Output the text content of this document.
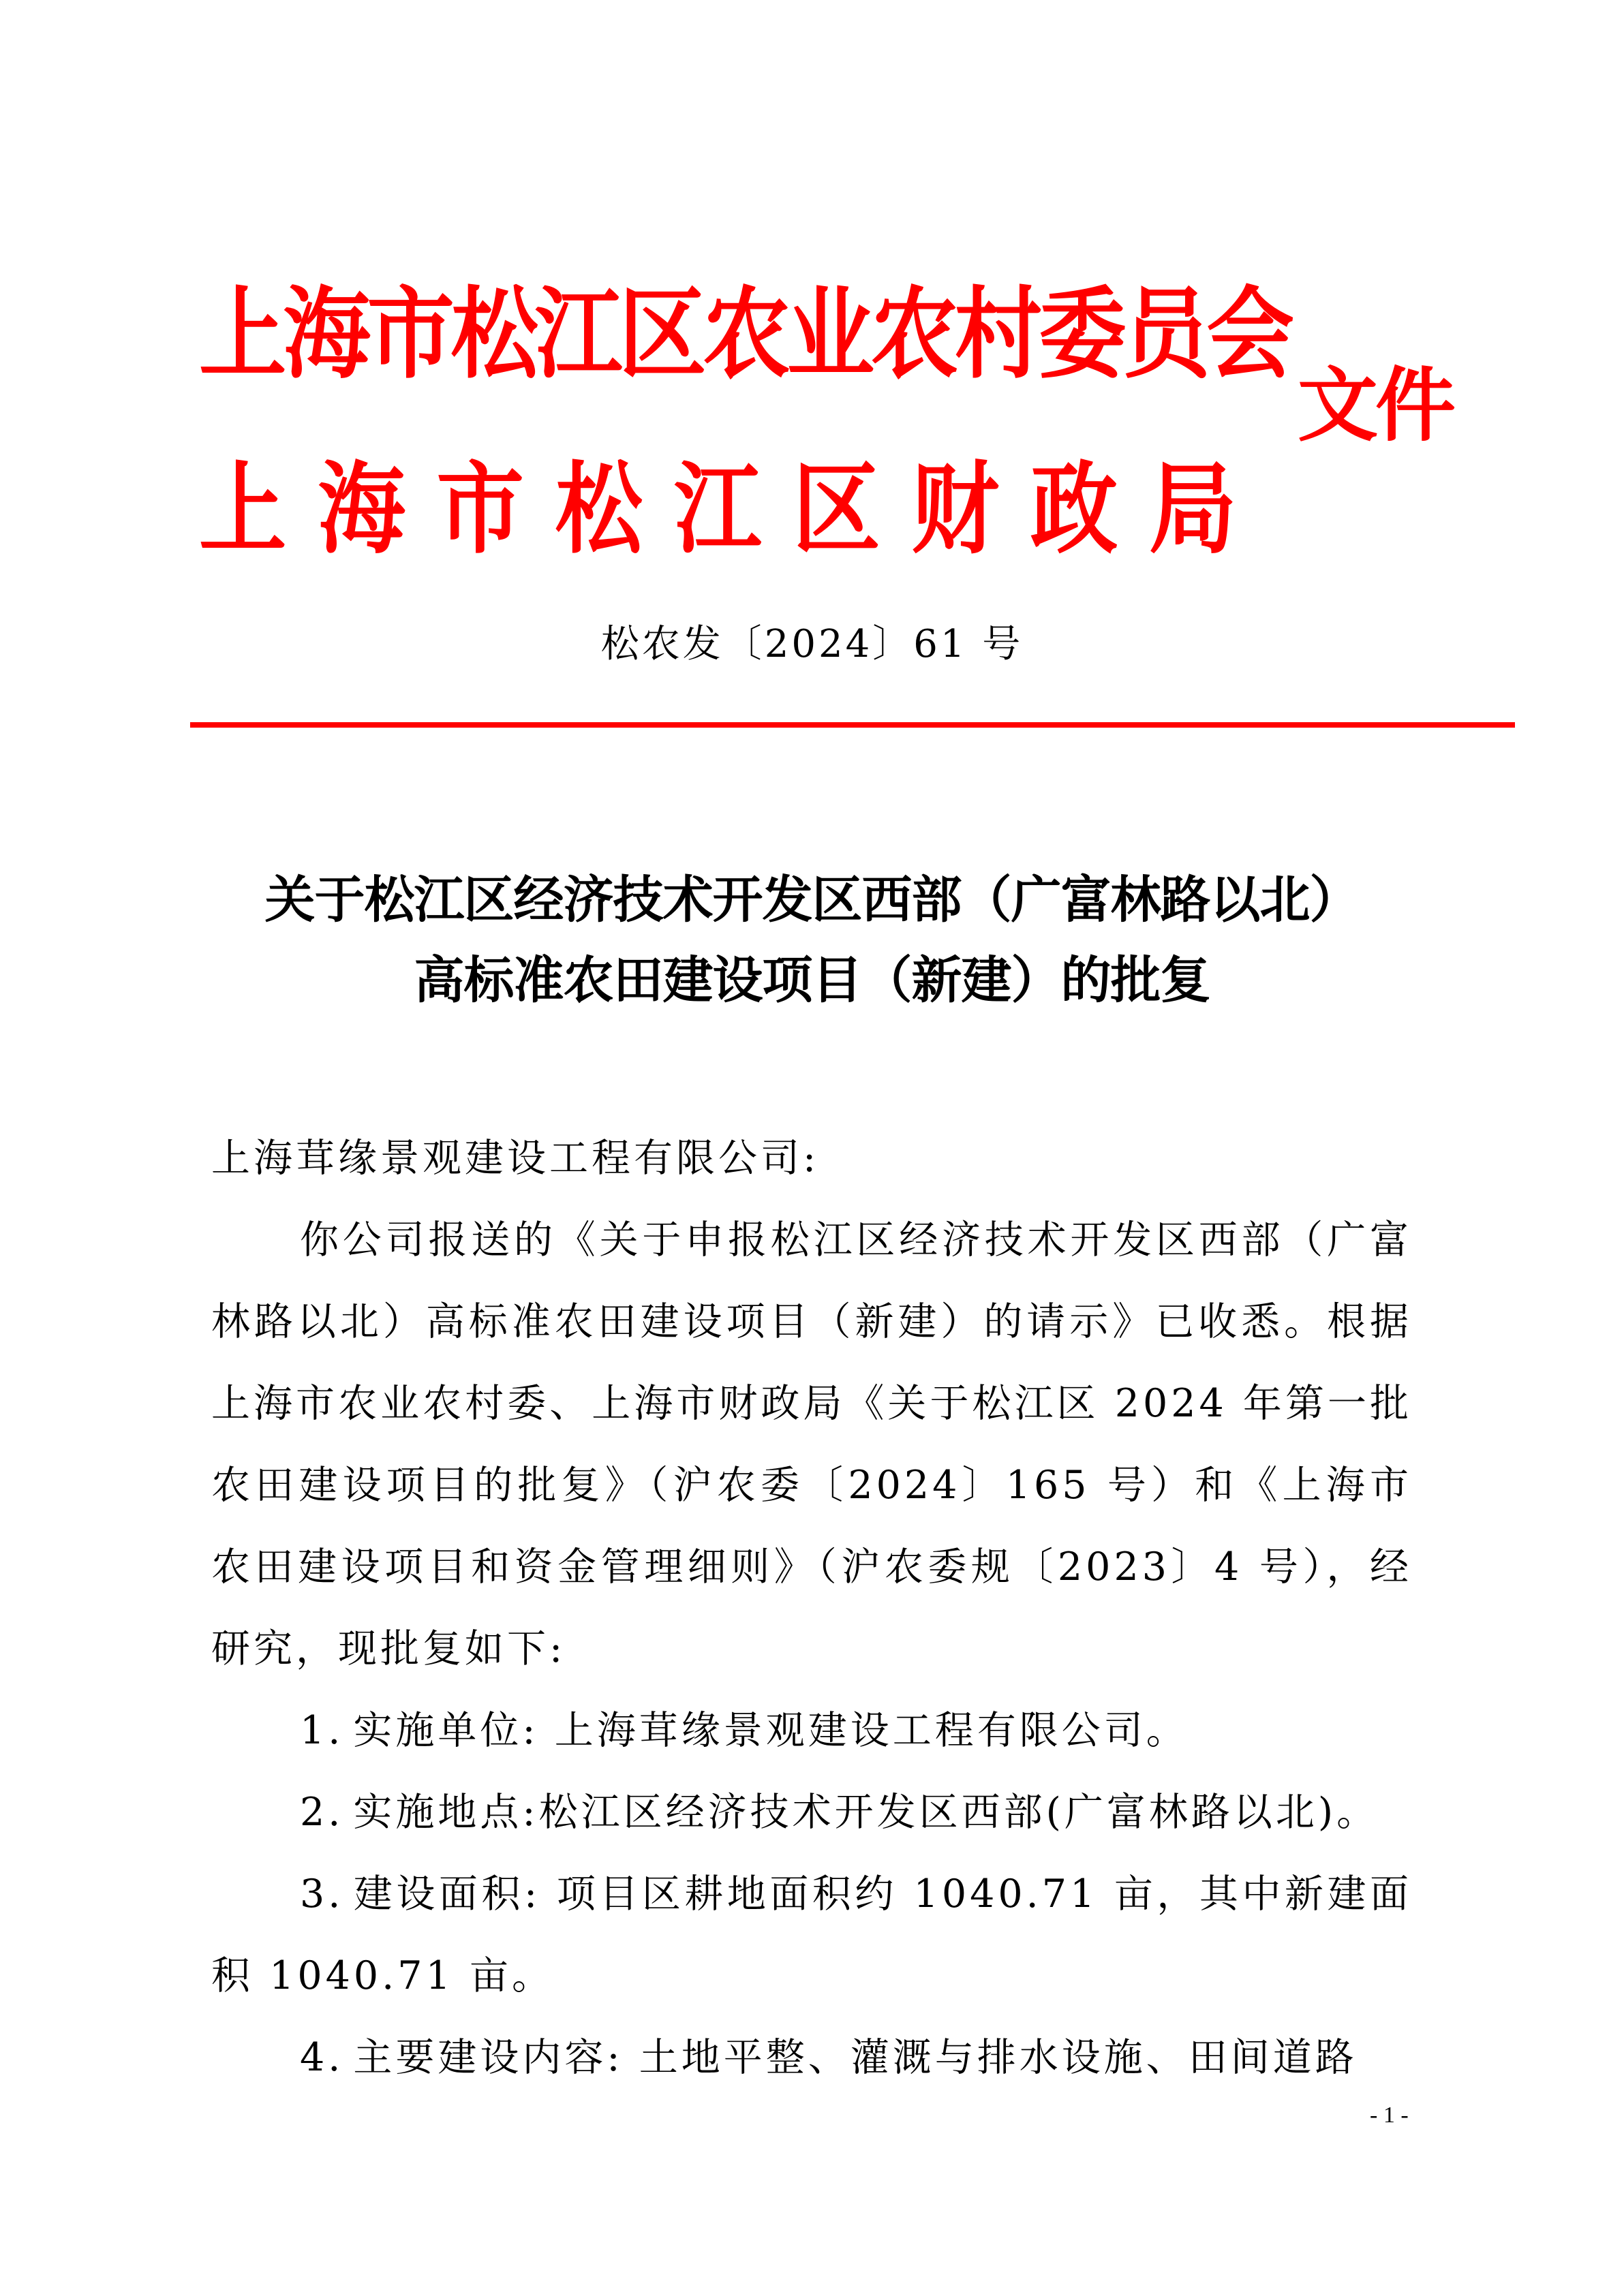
上海市松江区农业农村委员会
上海市松江区财政局
文件
松农发〔2024〕61 号
关于松江区经济技术开发区西部（广富林路以北）
高标准农田建设项目（新建）的批复

上海茸缘景观建设工程有限公司:

你公司报送的《关于申报松江区经济技术开发区西部（广富林路以北）高标准农田建设项目（新建）的请示》已收悉。根据上海市农业农村委、上海市财政局《关于松江区 2024 年第一批农田建设项目的批复》（沪农委〔2024〕165 号）和《上海市农田建设项目和资金管理细则》（沪农委规〔2023〕4 号），经研究，现批复如下:

1. 实施单位: 上海茸缘景观建设工程有限公司。

2. 实施地点:松江区经济技术开发区西部(广富林路以北)。

3. 建设面积: 项目区耕地面积约 1040.71 亩，其中新建面积 1040.71 亩。

4. 主要建设内容: 土地平整、灌溉与排水设施、田间道路

- 1 -
